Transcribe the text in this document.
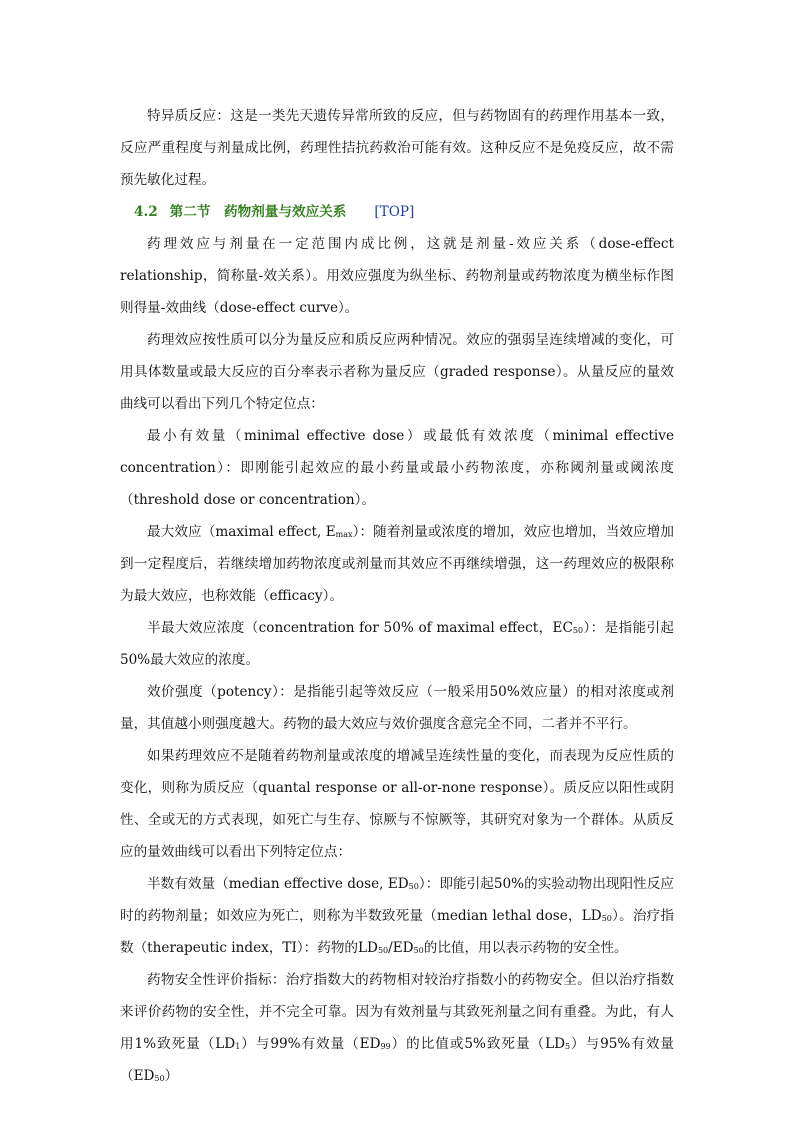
特异质反应：这是一类先天遗传异常所致的反应，但与药物固有的药理作用基本一致，反应严重程度与剂量成比例，药理性拮抗药救治可能有效。这种反应不是免疫反应，故不需预先敏化过程。

4.2 第二节　药物剂量与效应关系 [TOP]

药理效应与剂量在一定范围内成比例，这就是剂量-效应关系（dose-effect relationship，简称量-效关系）。用效应强度为纵坐标、药物剂量或药物浓度为横坐标作图则得量-效曲线（dose-effect curve）。

药理效应按性质可以分为量反应和质反应两种情况。效应的强弱呈连续增减的变化，可用具体数量或最大反应的百分率表示者称为量反应（graded response）。从量反应的量效曲线可以看出下列几个特定位点：

最小有效量（minimal effective dose）或最低有效浓度（minimal effective concentration）：即刚能引起效应的最小药量或最小药物浓度，亦称阈剂量或阈浓度（threshold dose or concentration）。

最大效应（maximal effect, $E_{max}$）：随着剂量或浓度的增加，效应也增加，当效应增加到一定程度后，若继续增加药物浓度或剂量而其效应不再继续增强，这一药理效应的极限称为最大效应，也称效能（efficacy）。

半最大效应浓度（concentration for 50% of maximal effect，$EC_{50}$）：是指能引起50%最大效应的浓度。

效价强度（potency）：是指能引起等效反应（一般采用50%效应量）的相对浓度或剂量，其值越小则强度越大。药物的最大效应与效价强度含意完全不同，二者并不平行。

如果药理效应不是随着药物剂量或浓度的增减呈连续性量的变化，而表现为反应性质的变化，则称为质反应（quantal response or all-or-none response）。质反应以阳性或阴性、全或无的方式表现，如死亡与生存、惊厥与不惊厥等，其研究对象为一个群体。从质反应的量效曲线可以看出下列特定位点：

半数有效量（median effective dose, $ED_{50}$）：即能引起50%的实验动物出现阳性反应时的药物剂量；如效应为死亡，则称为半数致死量（median lethal dose，$LD_{50}$）。治疗指数（therapeutic index，TI）：药物的$LD_{50}/ED_{50}$的比值，用以表示药物的安全性。

药物安全性评价指标：治疗指数大的药物相对较治疗指数小的药物安全。但以治疗指数来评价药物的安全性，并不完全可靠。因为有效剂量与其致死剂量之间有重叠。为此，有人用1%致死量$(LD_1)$与99%有效量$(ED_{99})$的比值或5%致死量$(LD_5)$与95%有效量$(ED_{50})$
